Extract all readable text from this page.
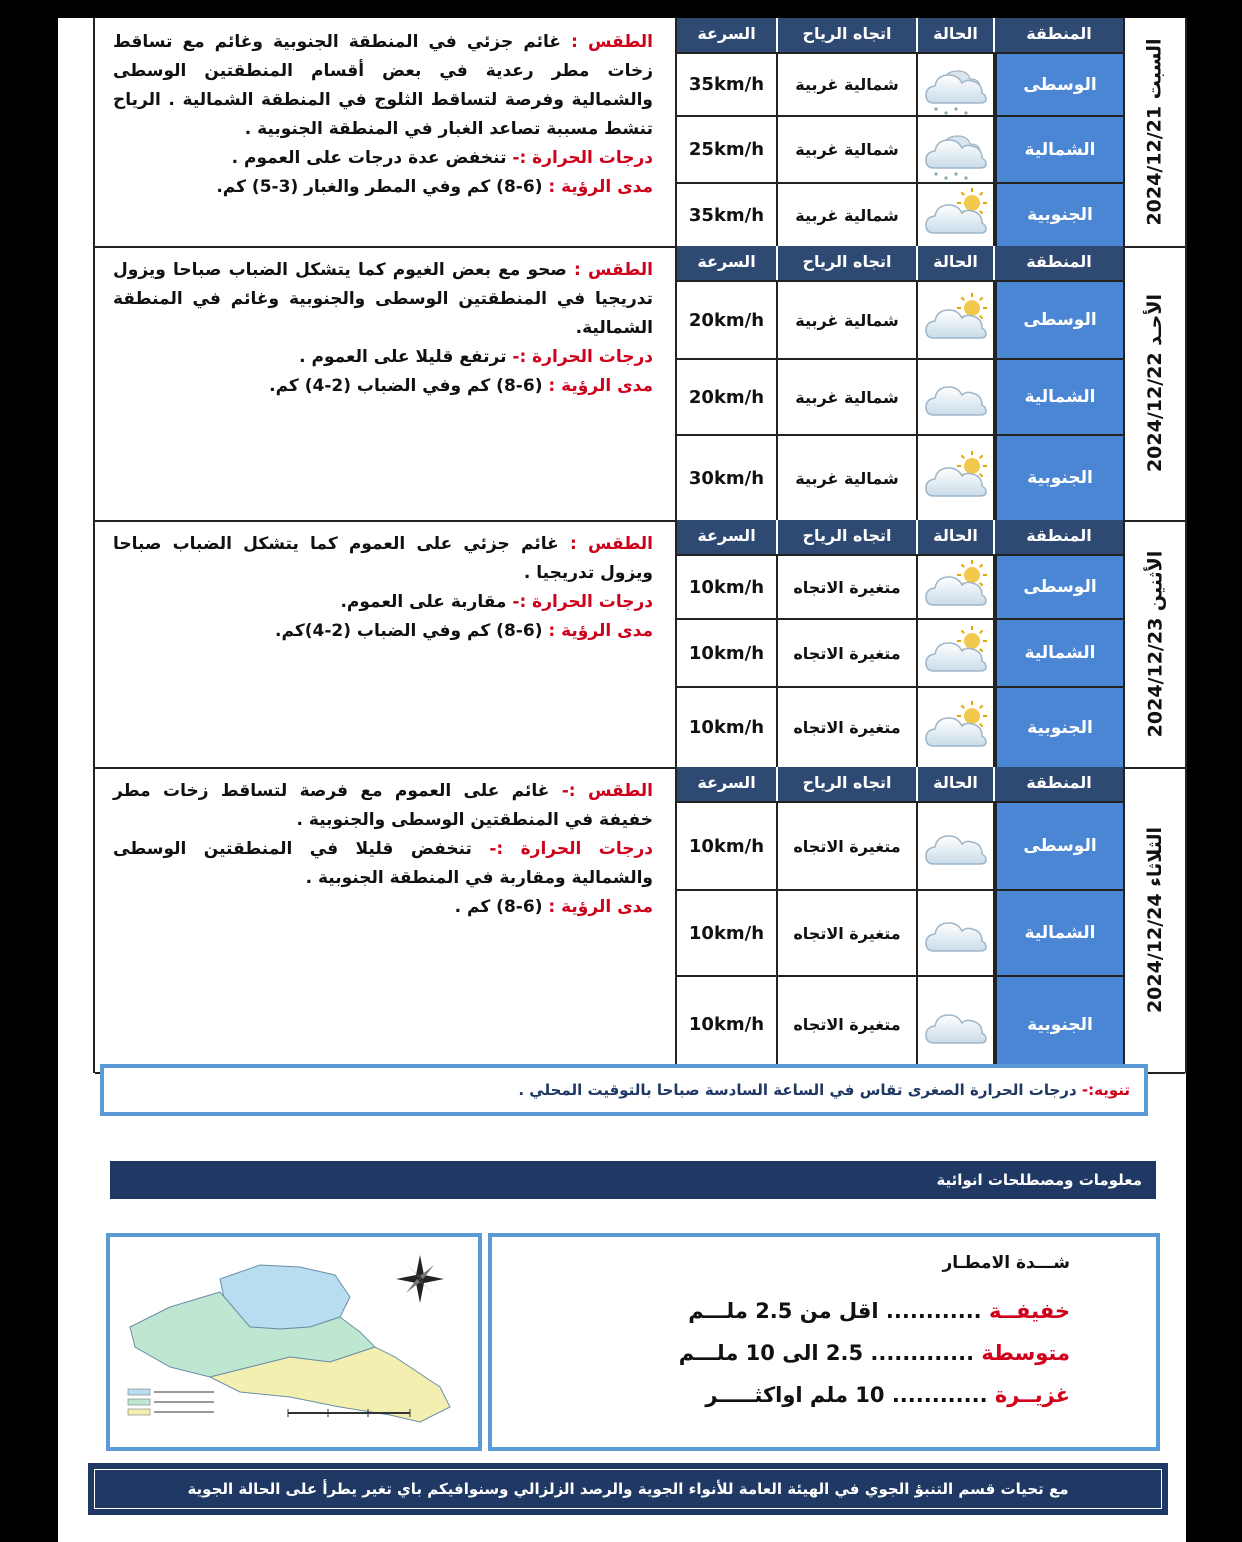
الطقس : غائم جزئي في المنطقة الجنوبية وغائم مع تساقط زخات مطر رعدية في بعض أقسام المنطقتين الوسطى والشمالية وفرصة لتساقط الثلوج في المنطقة الشمالية . الرياح تنشط مسببة تصاعد الغبار في المنطقة الجنوبية .
درجات الحرارة :- تنخفض عدة درجات على العموم .
مدى الرؤية : (6-8) كم وفي المطر والغبار (3-5) كم.
السرعة	اتجاه الرياح	الحالة	المنطقة
35km/h	شمالية غربية	الوسطى
25km/h	شمالية غربية	الشمالية
35km/h	شمالية غربية	الجنوبية	السبت 2024/12/21
الطقس : صحو مع بعض الغيوم كما يتشكل الضباب صباحا ويزول تدريجيا في المنطقتين الوسطى والجنوبية وغائم في المنطقة الشمالية.
درجات الحرارة :- ترتفع قليلا على العموم .
مدى الرؤية : (6-8) كم وفي الضباب (2-4) كم.
السرعة	اتجاه الرياح	الحالة	المنطقة
20km/h	شمالية غربية	الوسطى
20km/h	شمالية غربية	الشمالية
30km/h	شمالية غربية	الجنوبية
الأحـد 2024/12/22
الطقس : غائم جزئي على العموم كما يتشكل الضباب صباحا ويزول تدريجيا .
درجات الحرارة :- مقاربة على العموم.
مدى الرؤية : (6-8) كم وفي الضباب (2-4)كم.
السرعة	اتجاه الرياح	الحالة	المنطقة
10km/h	متغيرة الاتجاه	الوسطى
10km/h	متغيرة الاتجاه	الشمالية
10km/h	متغيرة الاتجاه	الجنوبية	الأثنين 2024/12/23
الطقس :- غائم على العموم مع فرصة لتساقط زخات مطر خفيفة في المنطقتين الوسطى والجنوبية .
درجات الحرارة :- تنخفض قليلا في المنطقتين الوسطى والشمالية ومقاربة في المنطقة الجنوبية .
مدى الرؤية : (6-8) كم .
السرعة	اتجاه الرياح	الحالة	المنطقة
10km/h	متغيرة الاتجاه	الوسطى
10km/h	متغيرة الاتجاه	الشمالية
10km/h	متغيرة الاتجاه	الجنوبية
الثلاثاء 2024/12/24
تنويه:- درجات الحرارة الصغرى تقاس في الساعة السادسة صباحا بالتوقيت المحلي .
معلومات ومصطلحات انوائية
شـــدة الامطـار
خفيفــة ............ اقل من 2.5 ملـــم
متوسطة ............. 2.5 الى 10 ملـــم
غزيــرة ............ 10 ملم اواكثـــــر
مع تحيات قسم التنبؤ الجوي في الهيئة العامة للأنواء الجوية والرصد الزلزالي وسنوافيكم باي تغير يطرأ على الحالة الجوية
